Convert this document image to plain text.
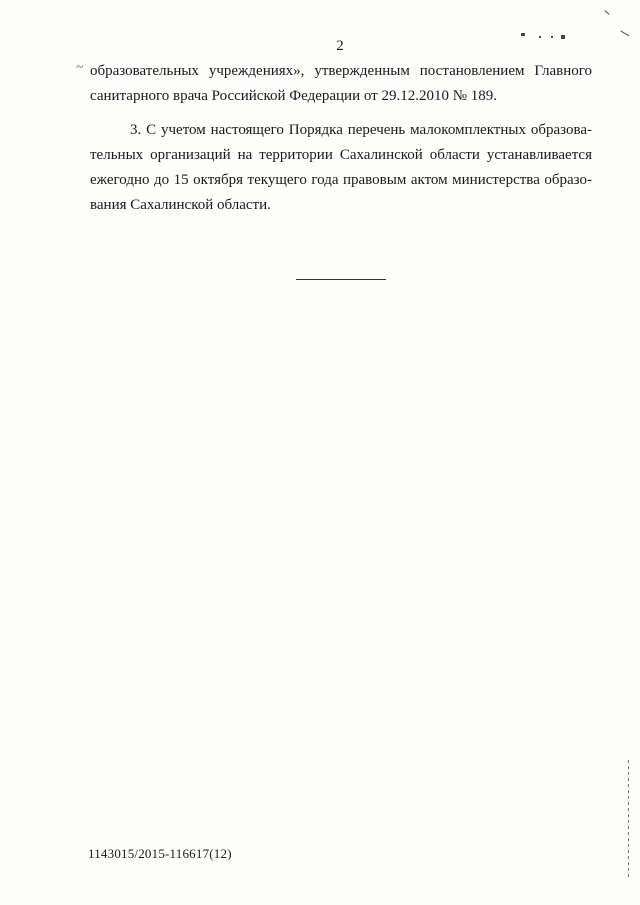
~
2
образовательных учреждениях», утвержденным постановлением Главного
санитарного врача Российской Федерации от 29.12.2010 № 189.
3. С учетом настоящего Порядка перечень малокомплектных образова-
тельных организаций на территории Сахалинской области устанавливается
ежегодно до 15 октября текущего года правовым актом министерства образо-
вания Сахалинской области.
1143015/2015-116617(12)
